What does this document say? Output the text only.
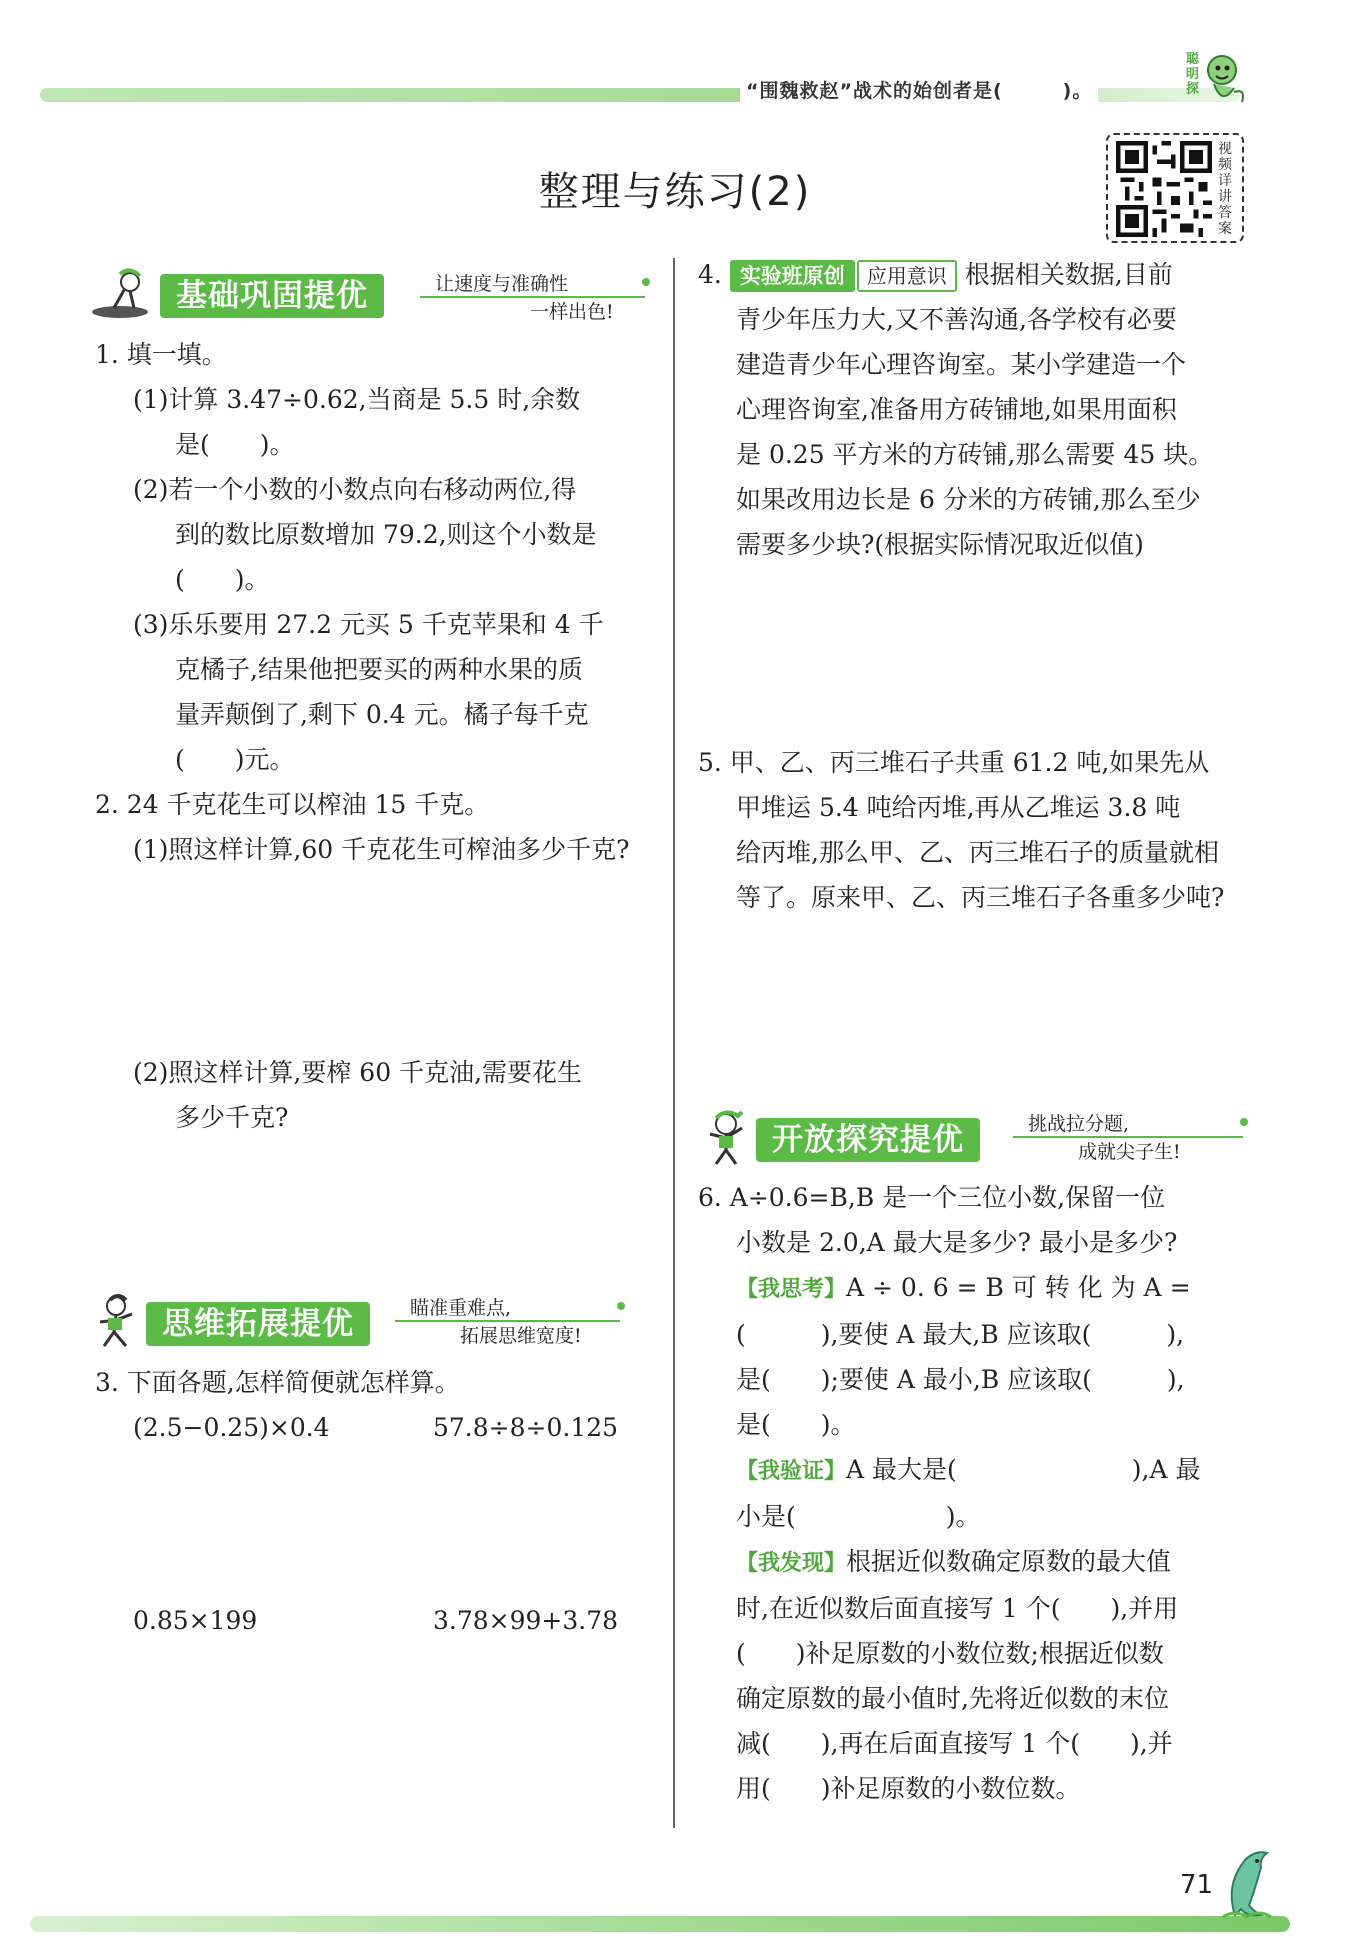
“围魏救赵”战术的始创者是(　　　)。
聪明探
整理与练习(2)
视频详讲答案
基础巩固提优	让速度与准确性
一样出色!

1. 填一填。

(1)计算 3.47÷0.62,当商是 5.5 时,余数

是(　　)。

(2)若一个小数的小数点向右移动两位,得

到的数比原数增加 79.2,则这个小数是

(　　)。

(3)乐乐要用 27.2 元买 5 千克苹果和 4 千

克橘子,结果他把要买的两种水果的质

量弄颠倒了,剩下 0.4 元。橘子每千克

(　　)元。

2. 24 千克花生可以榨油 15 千克。

(1)照这样计算,60 千克花生可榨油多少千克?

(2)照这样计算,要榨 60 千克油,需要花生

多少千克?

思维拓展提优	瞄准重难点,
拓展思维宽度!

3. 下面各题,怎样简便就怎样算。

(2.5−0.25)×0.4	57.8÷8÷0.125
0.85×199	3.78×99+3.78

4. 实验班原创 应用意识 根据相关数据,目前

青少年压力大,又不善沟通,各学校有必要

建造青少年心理咨询室。某小学建造一个

心理咨询室,准备用方砖铺地,如果用面积

是 0.25 平方米的方砖铺,那么需要 45 块。

如果改用边长是 6 分米的方砖铺,那么至少

需要多少块?(根据实际情况取近似值)

5. 甲、乙、丙三堆石子共重 61.2 吨,如果先从

甲堆运 5.4 吨给丙堆,再从乙堆运 3.8 吨

给丙堆,那么甲、乙、丙三堆石子的质量就相

等了。原来甲、乙、丙三堆石子各重多少吨?

开放探究提优	挑战拉分题,
成就尖子生!

6. A÷0.6=B,B 是一个三位小数,保留一位

小数是 2.0,A 最大是多少? 最小是多少?

【我思考】A ÷ 0. 6 = B 可 转 化 为 A =

(　　　),要使 A 最大,B 应该取(　　　),

是(　　);要使 A 最小,B 应该取(　　　),

是(　　)。

【我验证】A 最大是(　　　　　　　),A 最

小是(　　　　　　)。

【我发现】根据近似数确定原数的最大值

时,在近似数后面直接写 1 个(　　),并用

(　　)补足原数的小数位数;根据近似数

确定原数的最小值时,先将近似数的末位

减(　　),再在后面直接写 1 个(　　),并

用(　　)补足原数的小数位数。

71
